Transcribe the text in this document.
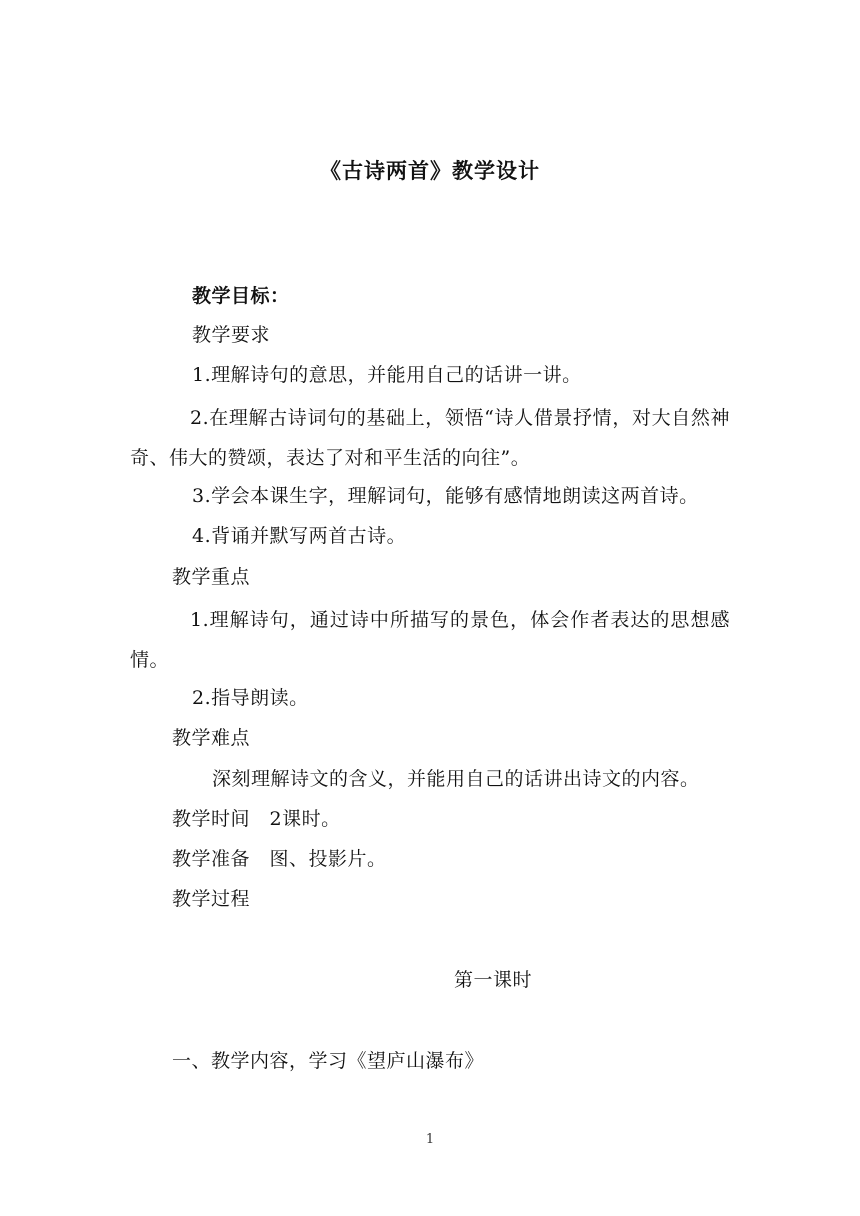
《古诗两首》教学设计
教学目标：
教学要求
1.理解诗句的意思，并能用自己的话讲一讲。
2.在理解古诗词句的基础上，领悟“诗人借景抒情，对大自然神奇、伟大的赞颂，表达了对和平生活的向往”。
3.学会本课生字，理解词句，能够有感情地朗读这两首诗。
4.背诵并默写两首古诗。
教学重点
1.理解诗句，通过诗中所描写的景色，体会作者表达的思想感情。
2.指导朗读。
教学难点
深刻理解诗文的含义，并能用自己的话讲出诗文的内容。
教学时间　2课时。
教学准备　图、投影片。
教学过程
第一课时
一、教学内容，学习《望庐山瀑布》
1
